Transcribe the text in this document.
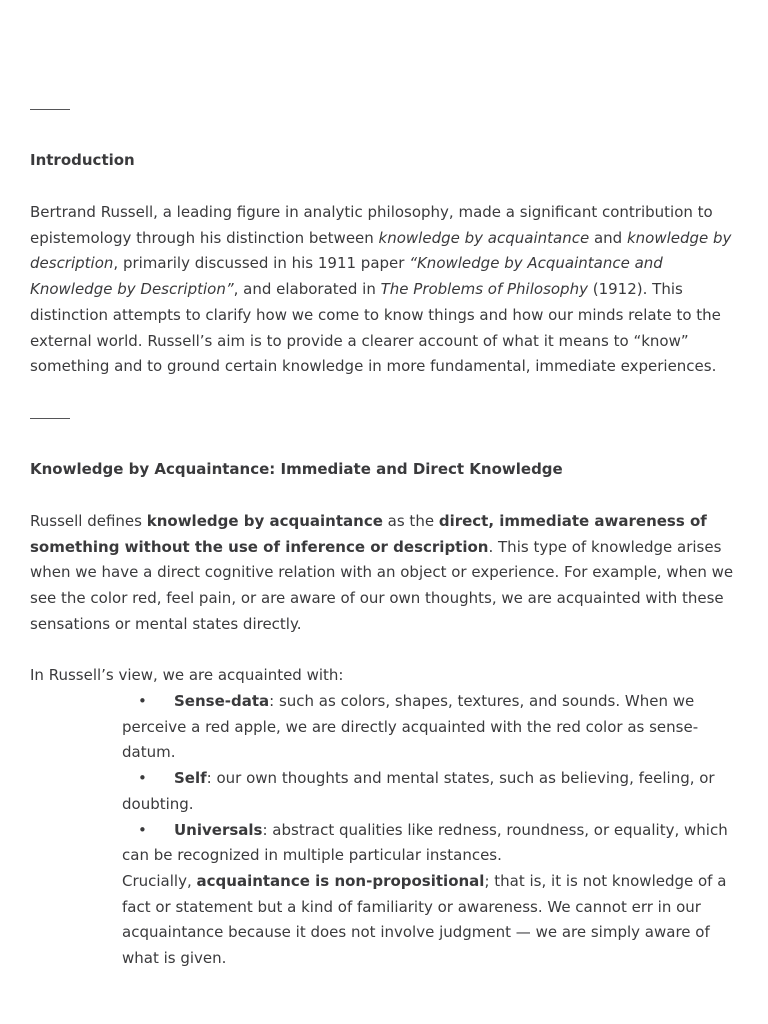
Introduction

Bertrand Russell, a leading figure in analytic philosophy, made a significant contribution to epistemology through his distinction between knowledge by acquaintance and knowledge by description, primarily discussed in his 1911 paper “Knowledge by Acquaintance and Knowledge by Description”, and elaborated in The Problems of Philosophy (1912). This distinction attempts to clarify how we come to know things and how our minds relate to the external world. Russell’s aim is to provide a clearer account of what it means to “know” something and to ground certain knowledge in more fundamental, immediate experiences.

Knowledge by Acquaintance: Immediate and Direct Knowledge

Russell defines knowledge by acquaintance as the direct, immediate awareness of something without the use of inference or description. This type of knowledge arises when we have a direct cognitive relation with an object or experience. For example, when we see the color red, feel pain, or are aware of our own thoughts, we are acquainted with these sensations or mental states directly.

In Russell’s view, we are acquainted with:

• Sense-data: such as colors, shapes, textures, and sounds. When we perceive a red apple, we are directly acquainted with the red color as sense-datum.
• Self: our own thoughts and mental states, such as believing, feeling, or doubting.
• Universals: abstract qualities like redness, roundness, or equality, which can be recognized in multiple particular instances.

Crucially, acquaintance is non-propositional; that is, it is not knowledge of a fact or statement but a kind of familiarity or awareness. We cannot err in our acquaintance because it does not involve judgment — we are simply aware of what is given.
